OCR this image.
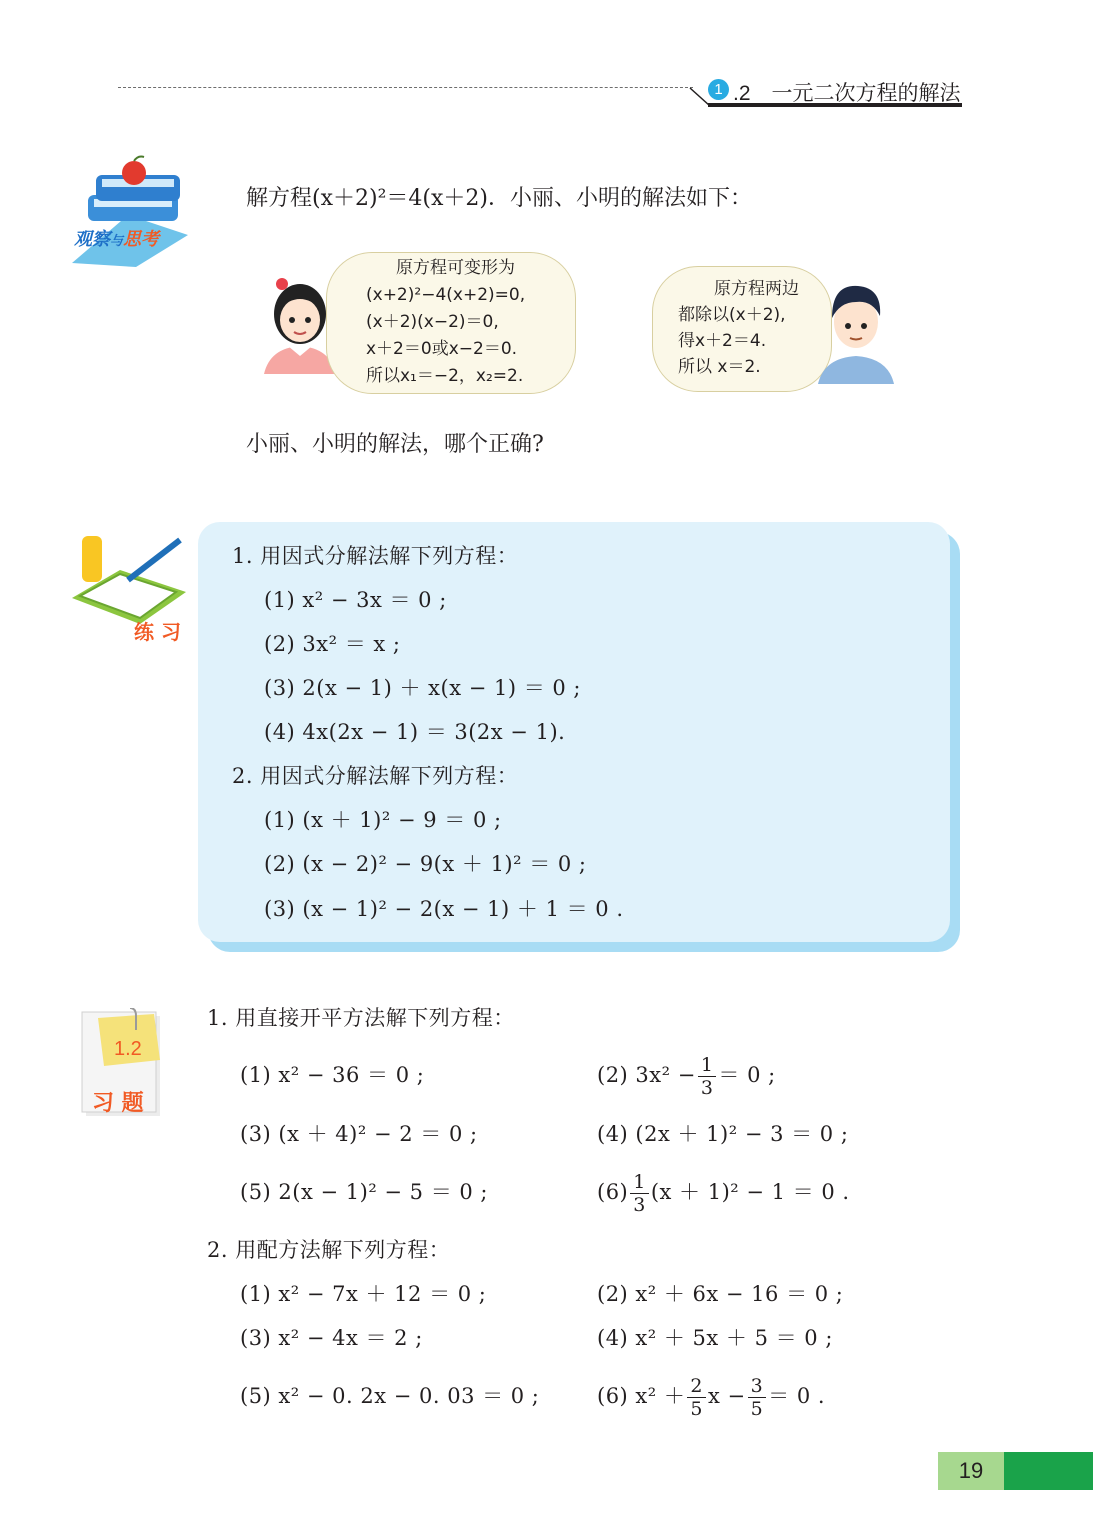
1 .2　一元二次方程的解法
观察与思考
解方程(x＋2)²＝4(x＋2)．小丽、小明的解法如下：
原方程可变形为
(x+2)²−4(x+2)=0,
(x＋2)(x−2)＝0,
x＋2＝0或x−2＝0.
所以x₁＝−2，x₂=2.
原方程两边
都除以(x＋2),
得x＋2＝4.
所以 x＝2.
小丽、小明的解法，哪个正确?
练 习
1. 用因式分解法解下列方程：
(1) x² − 3x ＝ 0 ;
(2) 3x² ＝ x ;
(3) 2(x − 1) ＋ x(x − 1) ＝ 0 ;
(4) 4x(2x − 1) ＝ 3(2x − 1).
2. 用因式分解法解下列方程：
(1) (x ＋ 1)² − 9 ＝ 0 ;
(2) (x − 2)² − 9(x ＋ 1)² ＝ 0 ;
(3) (x − 1)² − 2(x − 1) ＋ 1 ＝ 0 .
1.2
习 题
1. 用直接开平方法解下列方程：
(1) x² − 36 ＝ 0 ;	(2) $3x^2 - \frac{1}{3} = 0$ ;
(3) (x ＋ 4)² − 2 ＝ 0 ;	(4) (2x ＋ 1)² − 3 ＝ 0 ;
(5) 2(x − 1)² − 5 ＝ 0 ;	$(6) \frac{1}{3} (x + 1)^2 - 1 = 0$ .
2. 用配方法解下列方程：
(1) x² − 7x ＋ 12 ＝ 0 ;	(2) x² ＋ 6x − 16 ＝ 0 ;
(3) x² − 4x ＝ 2 ;	(4) x² ＋ 5x ＋ 5 ＝ 0 ;
(5) x² − 0. 2x − 0. 03 ＝ 0 ;	(6) $x^2 + \frac{2}{5}$ $x - \frac{3}{5} = 0$ .
19
